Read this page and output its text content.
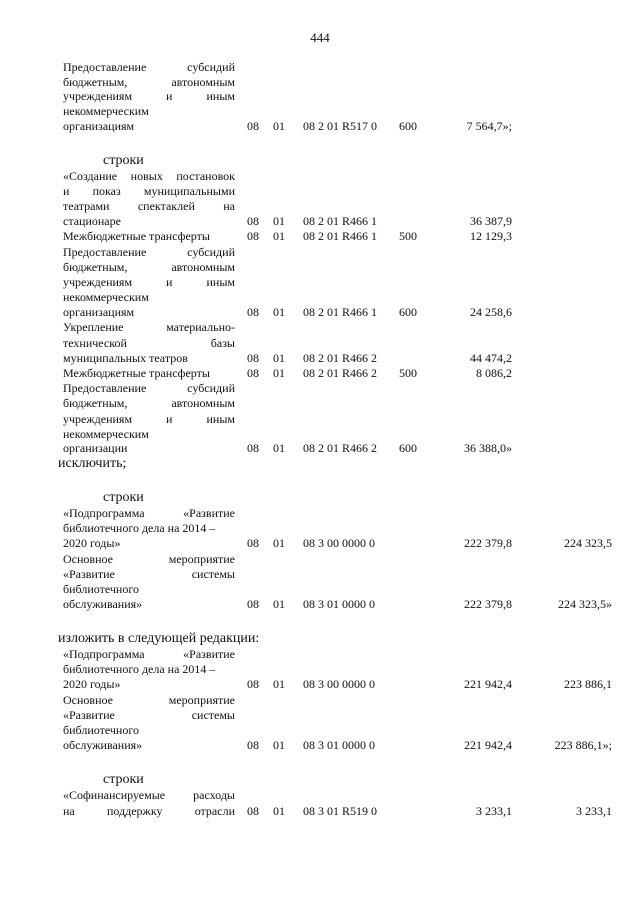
444
Предоставление субсидий
бюджетным, автономным
учреждениям и иным
некоммерческим
организациям	08 01 08 2 01 R517 0 600	7 564,7»;
строки
«Создание новых постановок
и показ муниципальными
театрами спектаклей на
стационаре	08 01 08 2 01 R466 1	36 387,9
Межбюджетные трансферты	08 01 08 2 01 R466 1 500	12 129,3
Предоставление субсидий
бюджетным, автономным
учреждениям и иным
некоммерческим
организациям	08 01 08 2 01 R466 1 600	24 258,6
Укрепление материально-
технической базы
муниципальных театров	08 01 08 2 01 R466 2	44 474,2
Межбюджетные трансферты	08 01 08 2 01 R466 2 500	8 086,2
Предоставление субсидий
бюджетным, автономным
учреждениям и иным
некоммерческим
организации	08 01 08 2 01 R466 2 600	36 388,0»
исключить;
строки
«Подпрограмма «Развитие
библиотечного дела на 2014 –
2020 годы»	08 01 08 3 00 0000 0	222 379,8	224 323,5
Основное мероприятие
«Развитие системы
библиотечного
обслуживания»	08 01 08 3 01 0000 0	222 379,8	224 323,5»
изложить в следующей редакции:
«Подпрограмма «Развитие
библиотечного дела на 2014 –
2020 годы»	08 01 08 3 00 0000 0	221 942,4	223 886,1
Основное мероприятие
«Развитие системы
библиотечного
обслуживания»	08 01 08 3 01 0000 0	221 942,4	223 886,1»;
строки
«Софинансируемые расходы
на поддержку отрасли 08 01 08 3 01 R519 0	3 233,1	3 233,1
